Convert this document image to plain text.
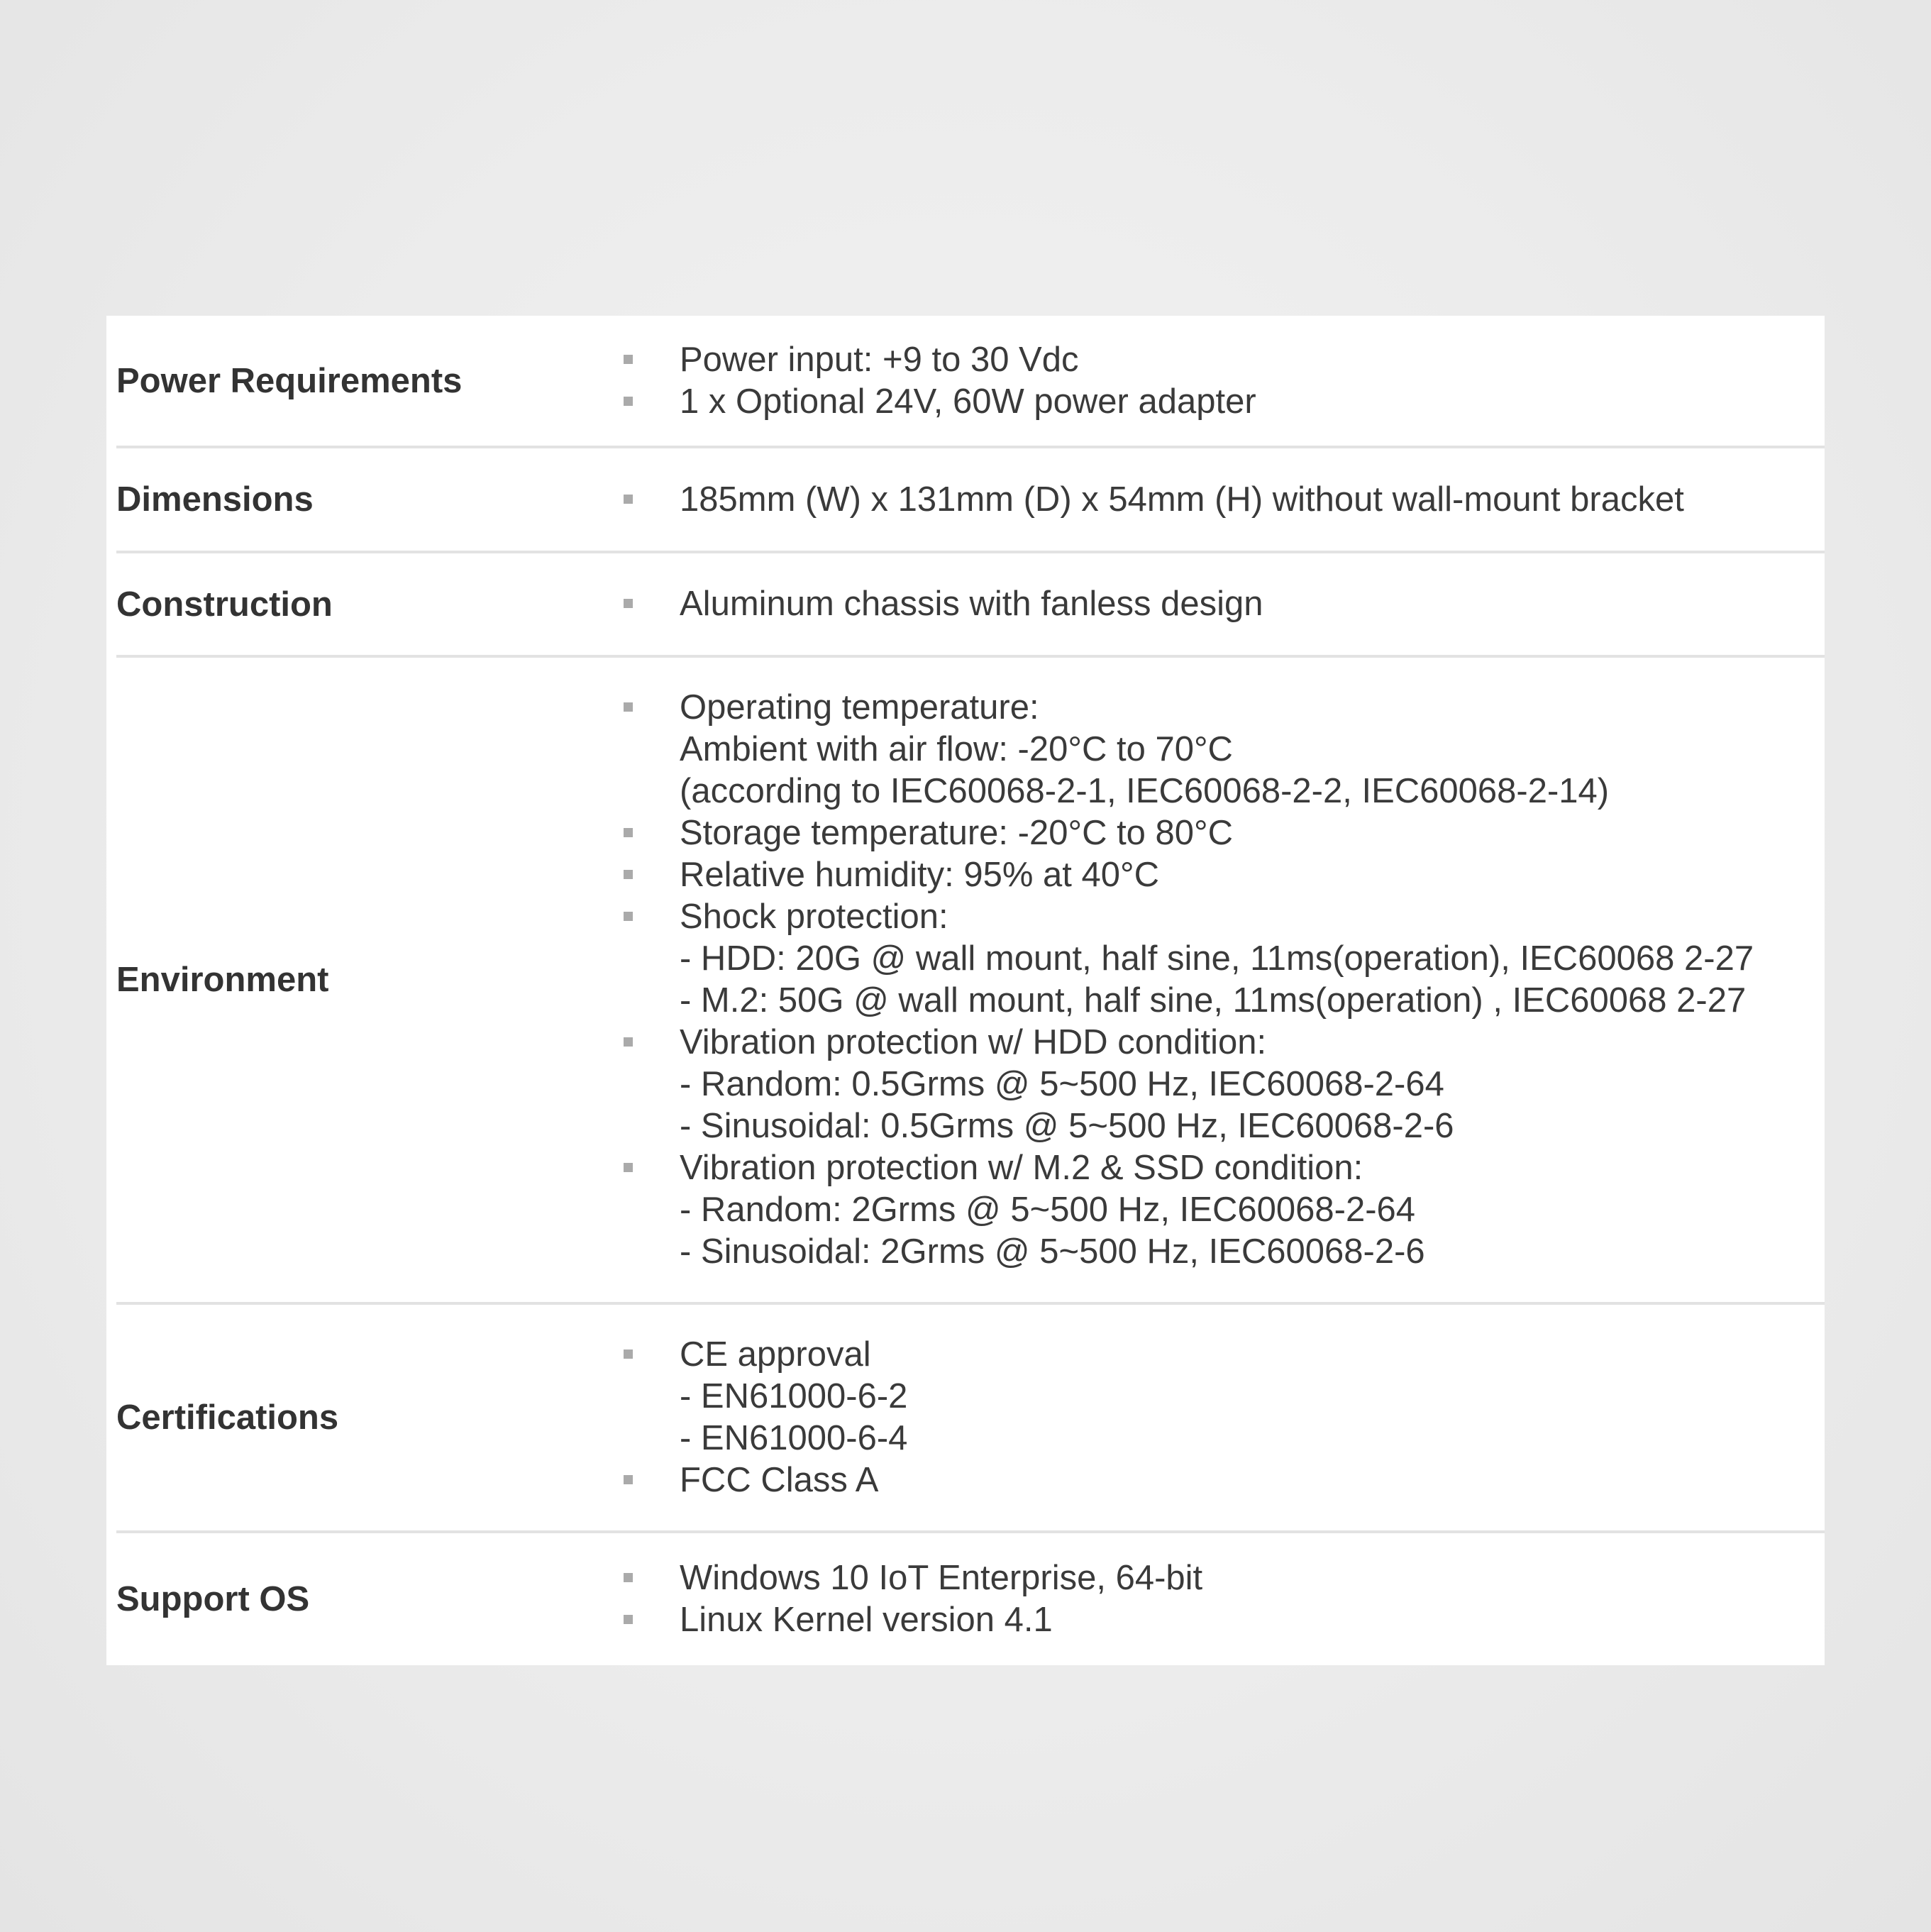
Power Requirements
Power input: +9 to 30 Vdc
1 x Optional 24V, 60W power adapter
Dimensions	185mm (W) x 131mm (D) x 54mm (H) without wall-mount bracket
Construction	Aluminum chassis with fanless design
Environment
Operating temperature:
Ambient with air flow: -20°C to 70°C
(according to IEC60068-2-1, IEC60068-2-2, IEC60068-2-14)
Storage temperature: -20°C to 80°C
Relative humidity: 95% at 40°C
Shock protection:
- HDD: 20G @ wall mount, half sine, 11ms(operation), IEC60068 2-27
- M.2: 50G @ wall mount, half sine, 11ms(operation) , IEC60068 2-27
Vibration protection w/ HDD condition:
- Random: 0.5Grms @ 5~500 Hz, IEC60068-2-64
- Sinusoidal: 0.5Grms @ 5~500 Hz, IEC60068-2-6
Vibration protection w/ M.2 & SSD condition:
- Random: 2Grms @ 5~500 Hz, IEC60068-2-64
- Sinusoidal: 2Grms @ 5~500 Hz, IEC60068-2-6
Certifications
CE approval
- EN61000-6-2
- EN61000-6-4
FCC Class A
Support OS
Windows 10 IoT Enterprise, 64-bit
Linux Kernel version 4.1
